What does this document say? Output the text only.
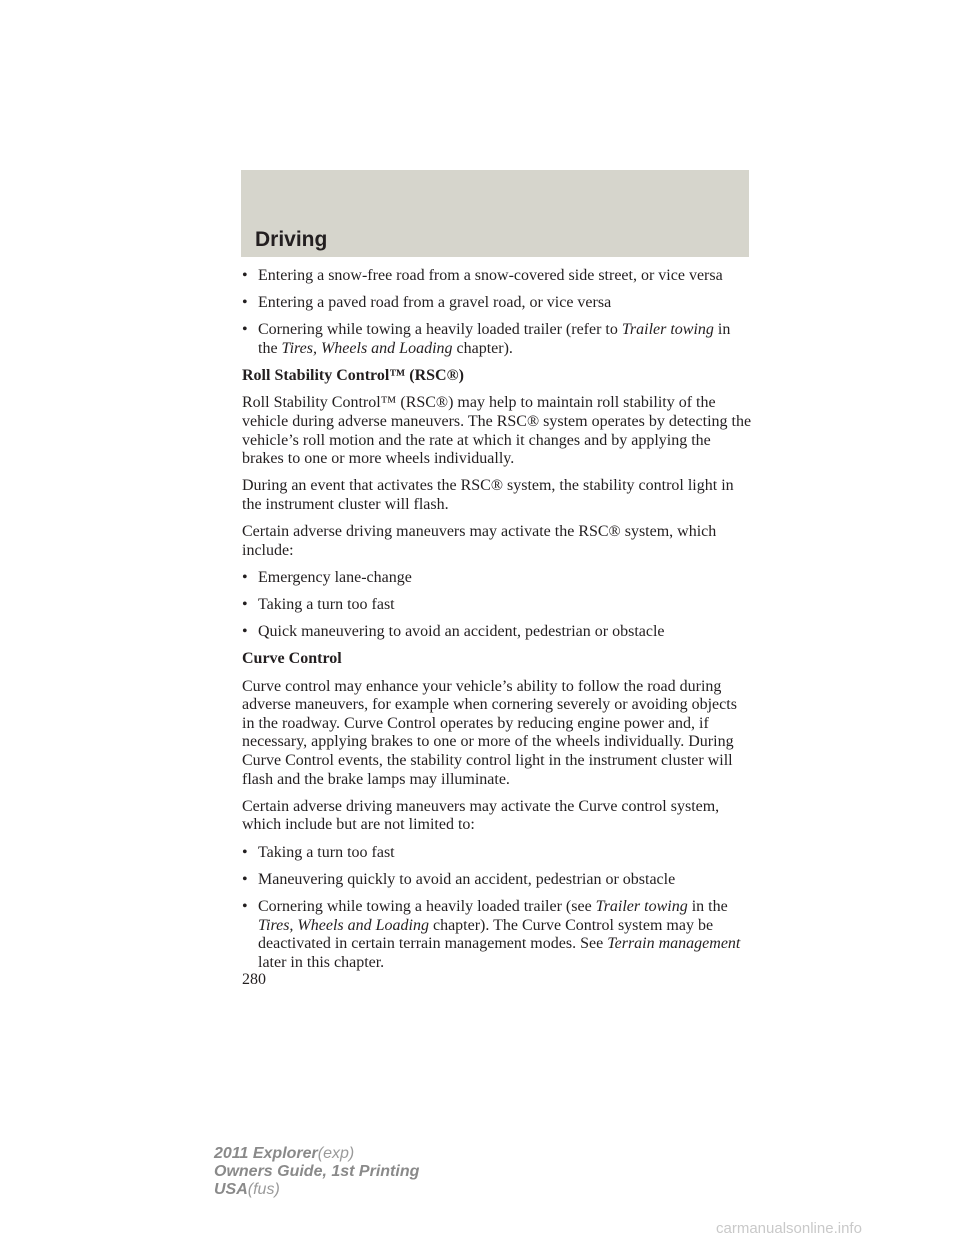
Driving
• Entering a snow-free road from a snow-covered side street, or vice versa
• Entering a paved road from a gravel road, or vice versa
• Cornering while towing a heavily loaded trailer (refer to Trailer towing in the Tires, Wheels and Loading chapter).
Roll Stability Control™ (RSC®)

Roll Stability Control™ (RSC®) may help to maintain roll stability of the vehicle during adverse maneuvers. The RSC® system operates by detecting the vehicle’s roll motion and the rate at which it changes and by applying the brakes to one or more wheels individually.

During an event that activates the RSC® system, the stability control light in the instrument cluster will flash.

Certain adverse driving maneuvers may activate the RSC® system, which include:

• Emergency lane-change
• Taking a turn too fast
• Quick maneuvering to avoid an accident, pedestrian or obstacle
Curve Control

Curve control may enhance your vehicle’s ability to follow the road during adverse maneuvers, for example when cornering severely or avoiding objects in the roadway. Curve Control operates by reducing engine power and, if necessary, applying brakes to one or more of the wheels individually. During Curve Control events, the stability control light in the instrument cluster will flash and the brake lamps may illuminate.

Certain adverse driving maneuvers may activate the Curve control system, which include but are not limited to:

• Taking a turn too fast
• Maneuvering quickly to avoid an accident, pedestrian or obstacle
• Cornering while towing a heavily loaded trailer (see Trailer towing in the Tires, Wheels and Loading chapter). The Curve Control system may be deactivated in certain terrain management modes. See Terrain management later in this chapter.
280
2011 Explorer(exp)
Owners Guide, 1st Printing
USA(fus)
carmanualsonline.info
